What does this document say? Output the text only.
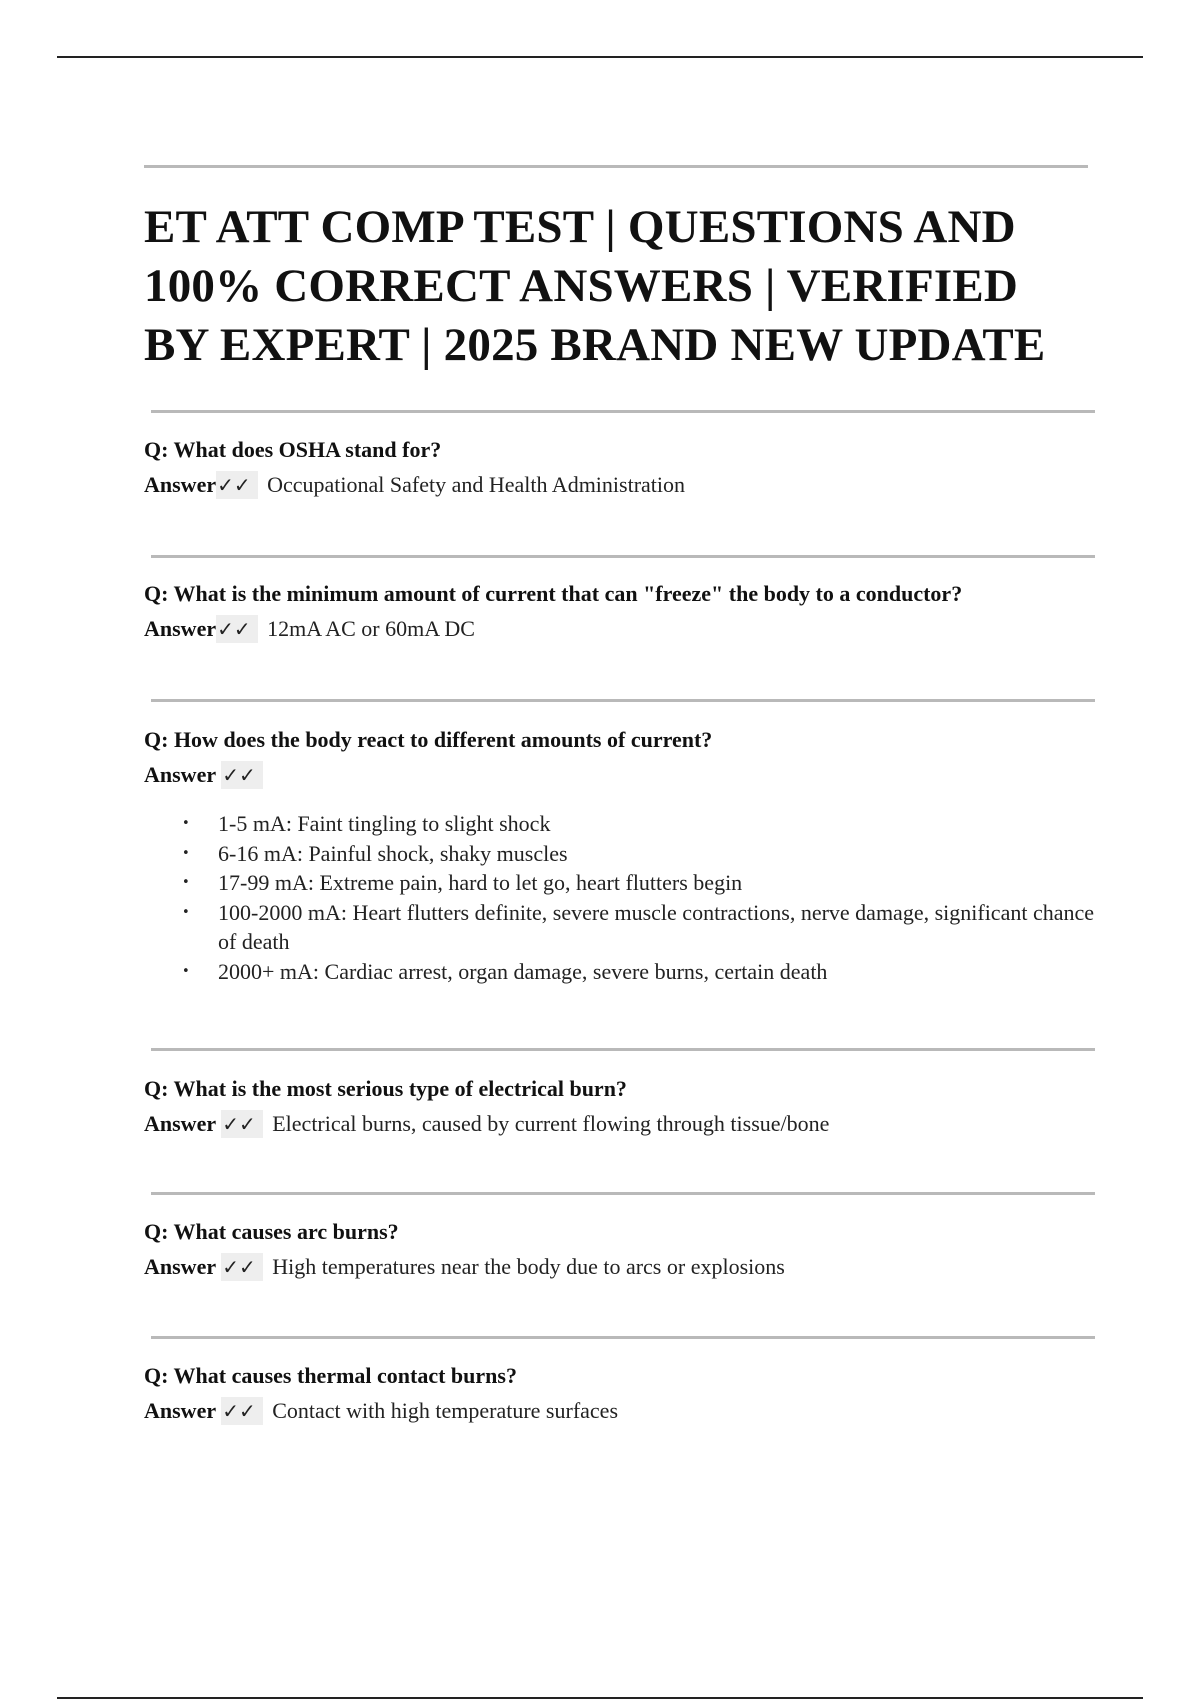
ET ATT COMP TEST | QUESTIONS AND 100% CORRECT ANSWERS | VERIFIED BY EXPERT | 2025 BRAND NEW UPDATE

Q: What does OSHA stand for?

Answer✓✓ Occupational Safety and Health Administration

Q: What is the minimum amount of current that can "freeze" the body to a conductor?

Answer✓✓ 12mA AC or 60mA DC

Q: How does the body react to different amounts of current?

Answer ✓✓

• 1-5 mA: Faint tingling to slight shock
• 6-16 mA: Painful shock, shaky muscles
• 17-99 mA: Extreme pain, hard to let go, heart flutters begin
• 100-2000 mA: Heart flutters definite, severe muscle contractions, nerve damage, significant chance of death
• 2000+ mA: Cardiac arrest, organ damage, severe burns, certain death

Q: What is the most serious type of electrical burn?

Answer ✓✓ Electrical burns, caused by current flowing through tissue/bone

Q: What causes arc burns?

Answer ✓✓ High temperatures near the body due to arcs or explosions

Q: What causes thermal contact burns?

Answer ✓✓ Contact with high temperature surfaces
